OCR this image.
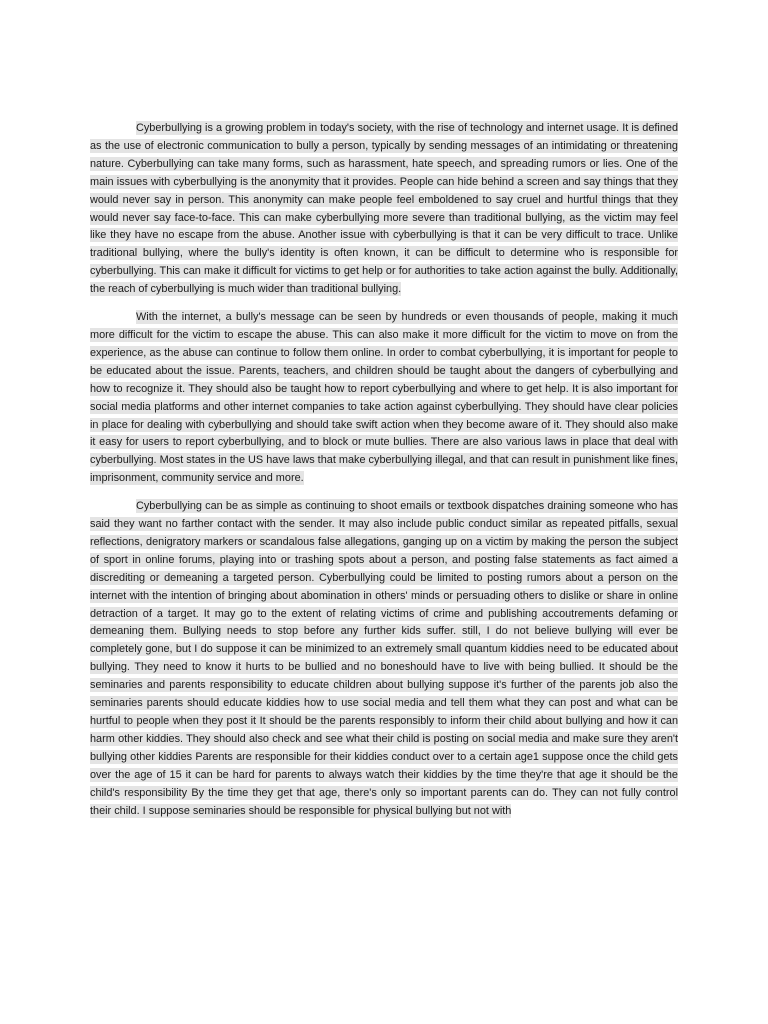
Cyberbullying is a growing problem in today's society, with the rise of technology and internet usage. It is defined as the use of electronic communication to bully a person, typically by sending messages of an intimidating or threatening nature. Cyberbullying can take many forms, such as harassment, hate speech, and spreading rumors or lies. One of the main issues with cyberbullying is the anonymity that it provides. People can hide behind a screen and say things that they would never say in person. This anonymity can make people feel emboldened to say cruel and hurtful things that they would never say face-to-face. This can make cyberbullying more severe than traditional bullying, as the victim may feel like they have no escape from the abuse. Another issue with cyberbullying is that it can be very difficult to trace. Unlike traditional bullying, where the bully's identity is often known, it can be difficult to determine who is responsible for cyberbullying. This can make it difficult for victims to get help or for authorities to take action against the bully. Additionally, the reach of cyberbullying is much wider than traditional bullying.

With the internet, a bully's message can be seen by hundreds or even thousands of people, making it much more difficult for the victim to escape the abuse. This can also make it more difficult for the victim to move on from the experience, as the abuse can continue to follow them online. In order to combat cyberbullying, it is important for people to be educated about the issue. Parents, teachers, and children should be taught about the dangers of cyberbullying and how to recognize it. They should also be taught how to report cyberbullying and where to get help. It is also important for social media platforms and other internet companies to take action against cyberbullying. They should have clear policies in place for dealing with cyberbullying and should take swift action when they become aware of it. They should also make it easy for users to report cyberbullying, and to block or mute bullies. There are also various laws in place that deal with cyberbullying. Most states in the US have laws that make cyberbullying illegal, and that can result in punishment like fines, imprisonment, community service and more.

Cyberbullying can be as simple as continuing to shoot emails or textbook dispatches draining someone who has said they want no farther contact with the sender. It may also include public conduct similar as repeated pitfalls, sexual reflections, denigratory markers or scandalous false allegations, ganging up on a victim by making the person the subject of sport in online forums, playing into or trashing spots about a person, and posting false statements as fact aimed a discrediting or demeaning a targeted person. Cyberbullying could be limited to posting rumors about a person on the internet with the intention of bringing about abomination in others' minds or persuading others to dislike or share in online detraction of a target. It may go to the extent of relating victims of crime and publishing accoutrements defaming or demeaning them. Bullying needs to stop before any further kids suffer. still, I do not believe bullying will ever be completely gone, but I do suppose it can be minimized to an extremely small quantum kiddies need to be educated about bullying. They need to know it hurts to be bullied and no boneshould have to live with being bullied. It should be the seminaries and parents responsibility to educate children about bullying suppose it's further of the parents job also the seminaries parents should educate kiddies how to use social media and tell them what they can post and what can be hurtful to people when they post it It should be the parents responsibly to inform their child about bullying and how it can harm other kiddies. They should also check and see what their child is posting on social media and make sure they aren't bullying other kiddies Parents are responsible for their kiddies conduct over to a certain age1 suppose once the child gets over the age of 15 it can be hard for parents to always watch their kiddies by the time they're that age it should be the child's responsibility By the time they get that age, there's only so important parents can do. They can not fully control their child. I suppose seminaries should be responsible for physical bullying but not with
